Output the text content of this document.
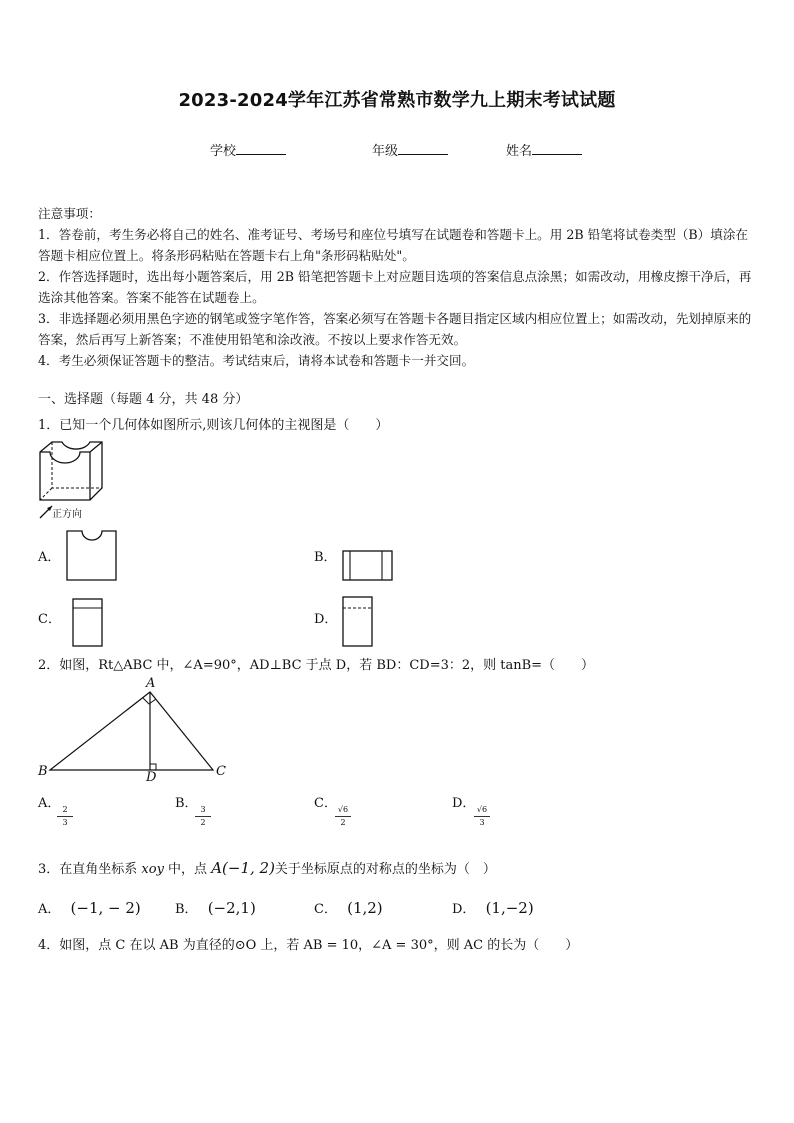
2023-2024学年江苏省常熟市数学九上期末考试试题
学校	年级	姓名

注意事项：

1．答卷前，考生务必将自己的姓名、准考证号、考场号和座位号填写在试题卷和答题卡上。用 2B 铅笔将试卷类型（B）填涂在答题卡相应位置上。将条形码粘贴在答题卡右上角"条形码粘贴处"。

2．作答选择题时，选出每小题答案后，用 2B 铅笔把答题卡上对应题目选项的答案信息点涂黑；如需改动，用橡皮擦干净后，再选涂其他答案。答案不能答在试题卷上。

3．非选择题必须用黑色字迹的钢笔或签字笔作答，答案必须写在答题卡各题目指定区域内相应位置上；如需改动，先划掉原来的答案，然后再写上新答案；不准使用铅笔和涂改液。不按以上要求作答无效。

4．考生必须保证答题卡的整洁。考试结束后，请将本试卷和答题卡一并交回。

一、选择题（每题 4 分，共 48 分）
1．已知一个几何体如图所示,则该几何体的主视图是（　　）
正方向
A．	B．
C．	D．
2．如图，Rt△ABC 中，∠A=90°，AD⊥BC 于点 D，若 BD：CD=3：2，则 tanB=（　　）
A
B	C
D
A． 2
3
B． 3
2
C． √6
2
D． √6
3
3．在直角坐标系 xoy 中，点 A(−1, 2)关于坐标原点的对称点的坐标为（　）
A． (−1, − 2)	B． (−2,1)	C． (1,2)	D． (1,−2)
4．如图，点 C 在以 AB 为直径的⊙O 上，若 AB = 10，∠A = 30°，则 AC 的长为（　　）
